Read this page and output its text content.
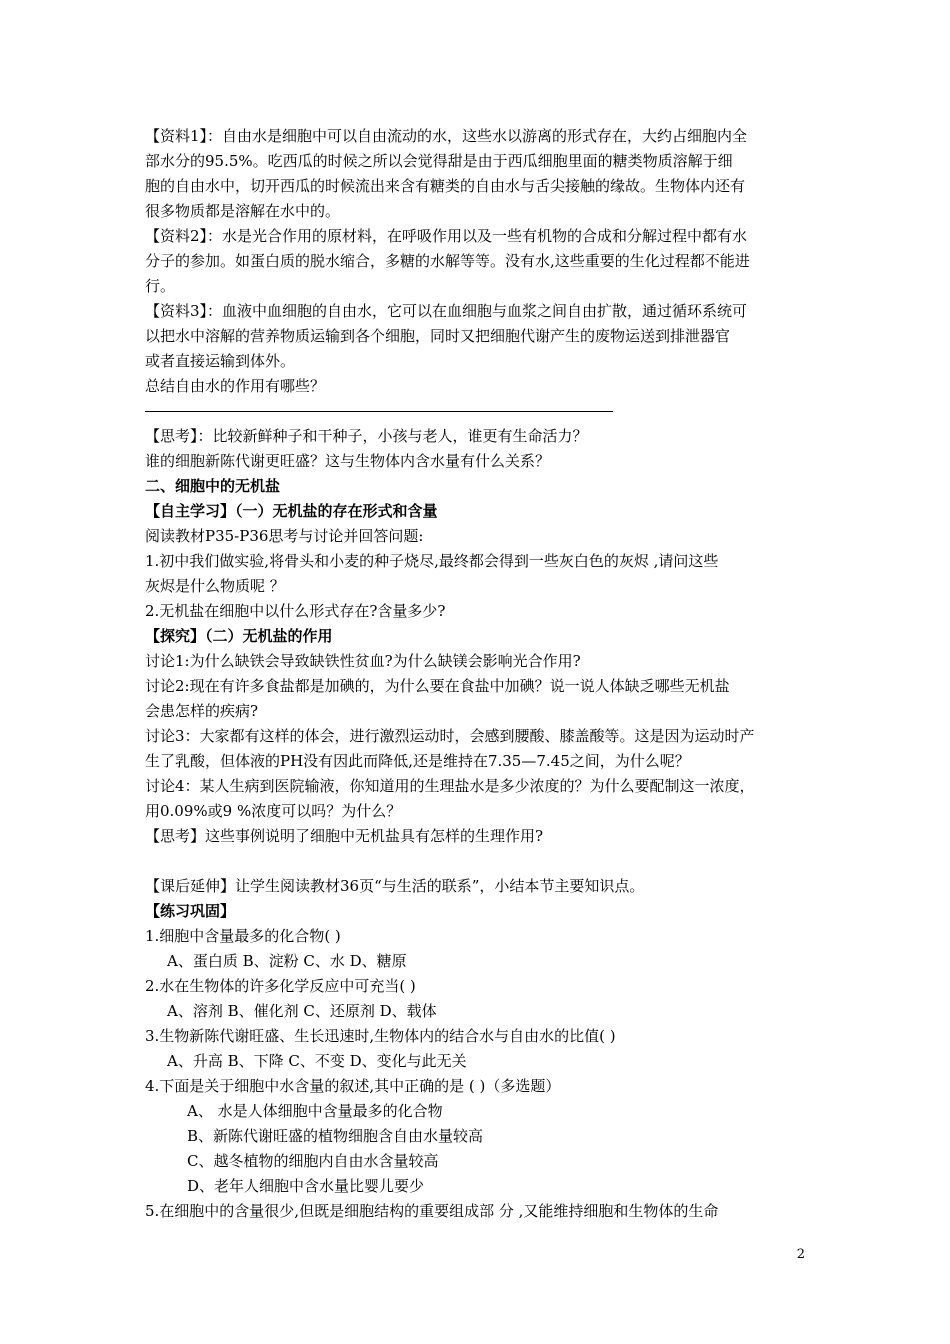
【资料1】：自由水是细胞中可以自由流动的水，这些水以游离的形式存在，大约占细胞内全
部水分的95.5%。吃西瓜的时候之所以会觉得甜是由于西瓜细胞里面的糖类物质溶解于细
胞的自由水中，切开西瓜的时候流出来含有糖类的自由水与舌尖接触的缘故。生物体内还有
很多物质都是溶解在水中的。
【资料2】：水是光合作用的原材料，在呼吸作用以及一些有机物的合成和分解过程中都有水
分子的参加。如蛋白质的脱水缩合，多糖的水解等等。没有水,这些重要的生化过程都不能进
行。
【资料3】：血液中血细胞的自由水，它可以在血细胞与血浆之间自由扩散，通过循环系统可
以把水中溶解的营养物质运输到各个细胞，同时又把细胞代谢产生的废物运送到排泄器官
或者直接运输到体外。
总结自由水的作用有哪些？
【思考】：比较新鲜种子和干种子，小孩与老人，谁更有生命活力？
谁的细胞新陈代谢更旺盛？这与生物体内含水量有什么关系？
二、细胞中的无机盐
【自主学习】（一）无机盐的存在形式和含量
阅读教材P35-P36思考与讨论并回答问题:
1.初中我们做实验,将骨头和小麦的种子烧尽,最终都会得到一些灰白色的灰烬 ,请问这些
灰烬是什么物质呢 ？
2.无机盐在细胞中以什么形式存在?含量多少?
【探究】（二）无机盐的作用
讨论1:为什么缺铁会导致缺铁性贫血?为什么缺镁会影响光合作用?
讨论2:现在有许多食盐都是加碘的，为什么要在食盐中加碘？说一说人体缺乏哪些无机盐
会患怎样的疾病?
讨论3：大家都有这样的体会，进行激烈运动时，会感到腰酸、膝盖酸等。这是因为运动时产
生了乳酸，但体液的PH没有因此而降低,还是维持在7.35—7.45之间，为什么呢？
讨论4：某人生病到医院输液，你知道用的生理盐水是多少浓度的？为什么要配制这一浓度，
用0.09%或9 %浓度可以吗？为什么？
【思考】这些事例说明了细胞中无机盐具有怎样的生理作用?
【课后延伸】让学生阅读教材36页“与生活的联系”，小结本节主要知识点。
【练习巩固】
1.细胞中含量最多的化合物( )
A、蛋白质 B、淀粉 C、水 D、糖原
2.水在生物体的许多化学反应中可充当( )
A、溶剂 B、催化剂 C、还原剂 D、载体
3.生物新陈代谢旺盛、生长迅速时,生物体内的结合水与自由水的比值( )
A、升高 B、下降 C、不变 D、变化与此无关
4.下面是关于细胞中水含量的叙述,其中正确的是 ( )（多选题）
A、 水是人体细胞中含量最多的化合物
B、新陈代谢旺盛的植物细胞含自由水量较高
C、越冬植物的细胞内自由水含量较高
D、老年人细胞中含水量比婴儿要少
5.在细胞中的含量很少,但既是细胞结构的重要组成部 分 ,又能维持细胞和生物体的生命
2
